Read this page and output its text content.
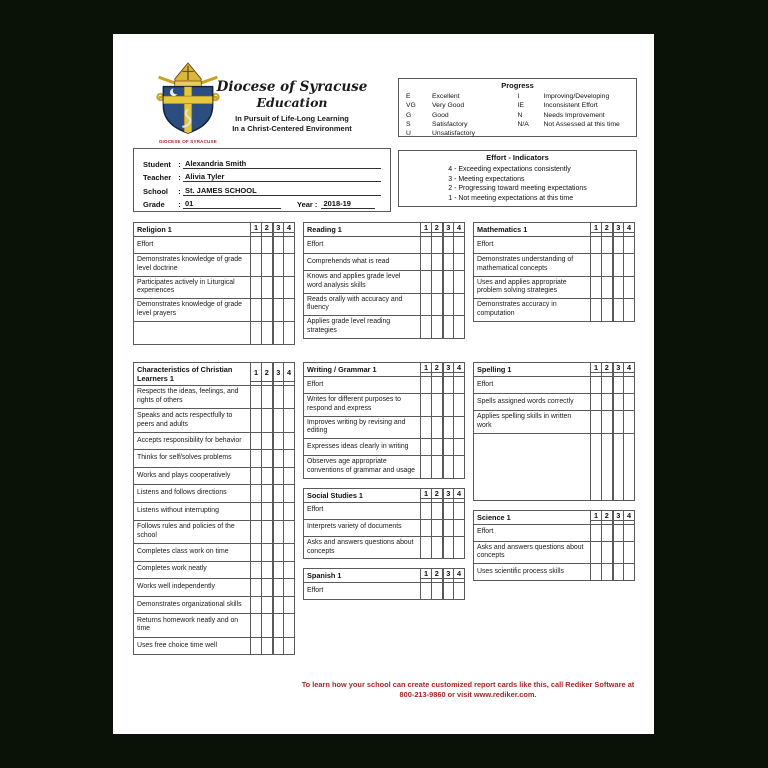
DIOCESE OF SYRACUSE
Diocese of Syracuse
Education
In Pursuit of Life-Long Learning
In a Christ-Centered Environment
Progress
E	Excellent
VG	Very Good
G	Good
S	Satisfactory
U	Unsatisfactory
I	Improving/Developing
IE	Inconsistent Effort
N	Needs Improvement
N/A	Not Assessed at this time
Student : Alexandria Smith
Teacher : Alivia Tyler
School	: St. JAMES SCHOOL
Grade	: 01	Year : 2018-19
Effort - Indicators
4 - Exceeding expectations consistently
3 - Meeting expectations
2 - Progressing toward meeting expectations
1 - Not meeting expectations at this time
Religion 1	1	2	3	4

Effort				
Demonstrates knowledge of grade level doctrine				
Participates actively in Liturgical experiences				
Demonstrates knowledge of grade level prayers				

Reading 1	1	2	3	4

Effort				
Comprehends what is read				
Knows and applies grade level word analysis skills				
Reads orally with accuracy and fluency				
Applies grade level reading strategies				
Mathematics 1	1	2	3	4

Effort				
Demonstrates understanding of mathematical concepts				
Uses and applies appropriate problem solving strategies				
Demonstrates accuracy in computation				
Characteristics of Christian Learners 1	1	2	3	4

Respects the ideas, feelings, and rights of others				
Speaks and acts respectfully to peers and adults				
Accepts responsibility for behavior				
Thinks for self/solves problems				
Works and plays cooperatively				
Listens and follows directions				
Listens without interrupting				
Follows rules and policies of the school				
Completes class work on time				
Completes work neatly				
Works well independently				
Demonstrates organizational skills				
Returns homework neatly and on time				
Uses free choice time well				
Writing / Grammar 1	1	2	3	4

Effort				
Writes for different purposes to respond and express				
Improves writing by revising and editing				
Expresses ideas clearly in writing				
Observes age appropriate conventions of grammar and usage				
Social Studies 1	1	2	3	4

Effort				
Interprets variety of documents				
Asks and answers questions about concepts				
Spanish 1	1	2	3	4

Effort				
Spelling 1	1	2	3	4

Effort				
Spells assigned words correctly				
Applies spelling skills in written work				

Science 1	1	2	3	4

Effort				
Asks and answers questions about concepts				
Uses scientific process skills				
To learn how your school can create customized report cards like this, call Rediker Software at 800-213-9860 or visit www.rediker.com.
